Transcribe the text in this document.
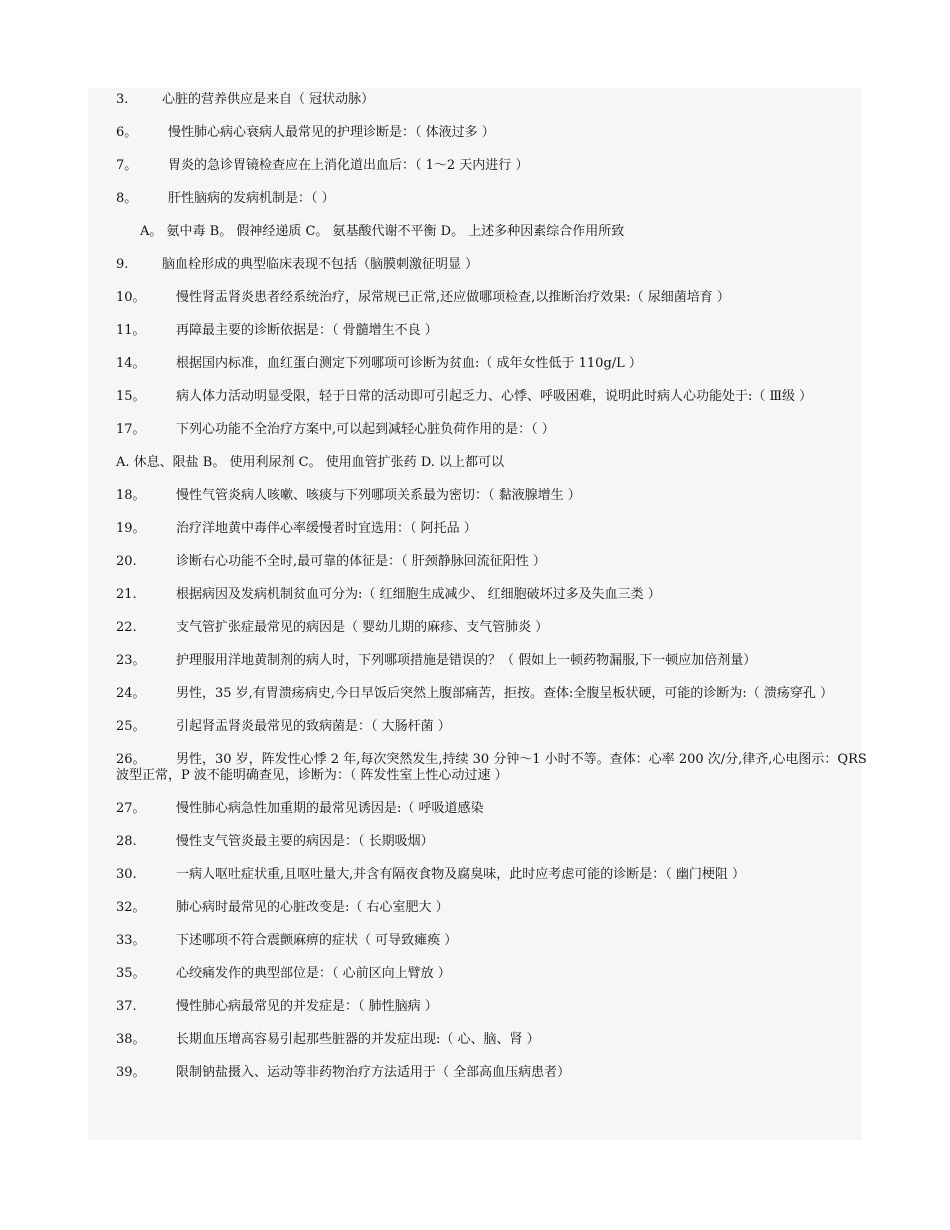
3.	心脏的营养供应是来自（ 冠状动脉）
6。 慢性肺心病心衰病人最常见的护理诊断是：（ 体液过多 ）
7。 胃炎的急诊胃镜检查应在上消化道出血后：（ 1～2 天内进行 ）
8。 肝性脑病的发病机制是：（ ）
A。 氨中毒 B。 假神经递质 C。 氨基酸代谢不平衡 D。 上述多种因素综合作用所致
9.	脑血栓形成的典型临床表现不包括（脑膜刺激征明显 ）
10。 慢性肾盂肾炎患者经系统治疗，尿常规已正常,还应做哪项检查,以推断治疗效果:（ 尿细菌培育 ）
11。 再障最主要的诊断依据是：（ 骨髓增生不良 ）
14。 根据国内标准，血红蛋白测定下列哪项可诊断为贫血:（ 成年女性低于 110g/L ）
15。 病人体力活动明显受限，轻于日常的活动即可引起乏力、心悸、呼吸困难，说明此时病人心功能处于:（ Ⅲ级 ）
17。 下列心功能不全治疗方案中,可以起到减轻心脏负荷作用的是：（ ）
A. 休息、限盐 B。 使用利尿剂 C。 使用血管扩张药 D. 以上都可以
18。 慢性气管炎病人咳嗽、咳痰与下列哪项关系最为密切：（ 黏液腺增生 ）
19。 治疗洋地黄中毒伴心率缓慢者时宜选用：（ 阿托品 ）
20.	诊断右心功能不全时,最可靠的体征是：（ 肝颈静脉回流征阳性 ）
21.	根据病因及发病机制贫血可分为:（ 红细胞生成减少、 红细胞破坏过多及失血三类 ）
22.	支气管扩张症最常见的病因是（ 婴幼儿期的麻疹、支气管肺炎 ）
23。 护理服用洋地黄制剂的病人时，下列哪项措施是错误的？（ 假如上一顿药物漏服,下一顿应加倍剂量）
24。 男性，35 岁,有胃溃疡病史,今日早饭后突然上腹部痛苦，拒按。查体:全腹呈板状硬，可能的诊断为:（ 溃疡穿孔 ）
25。 引起肾盂肾炎最常见的致病菌是：（ 大肠杆菌 ）
26。 男性，30 岁，阵发性心悸 2 年,每次突然发生,持续 30 分钟～1 小时不等。查体：心率 200 次/分,律齐,心电图示：QRS 波型正常，P 波不能明确查见，诊断为：（ 阵发性室上性心动过速 ）
27。 慢性肺心病急性加重期的最常见诱因是:（ 呼吸道感染
28.	慢性支气管炎最主要的病因是：（ 长期吸烟）
30.	一病人呕吐症状重,且呕吐量大,并含有隔夜食物及腐臭味，此时应考虑可能的诊断是：（ 幽门梗阻 ）
32。 肺心病时最常见的心脏改变是:（ 右心室肥大 ）
33。 下述哪项不符合震颤麻痹的症状（ 可导致瘫痪 ）
35。 心绞痛发作的典型部位是：（ 心前区向上臂放 ）
37.	慢性肺心病最常见的并发症是：（ 肺性脑病 ）
38。 长期血压增高容易引起那些脏器的并发症出现:（ 心、脑、肾 ）
39。 限制钠盐摄入、运动等非药物治疗方法适用于（ 全部高血压病患者）
